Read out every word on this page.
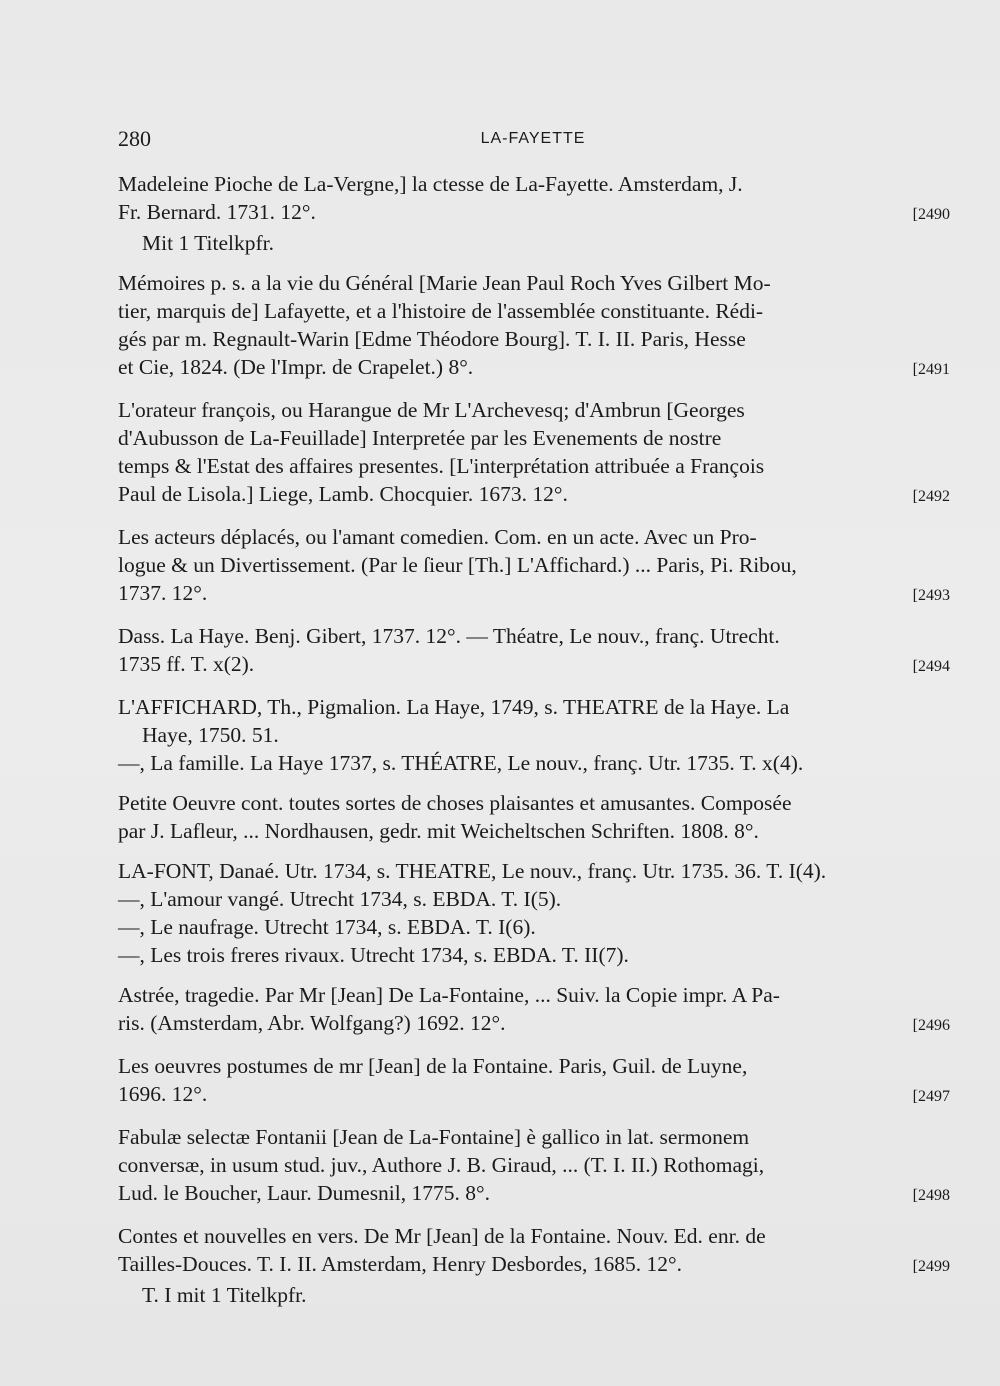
280	LA-FAYETTE
Madeleine Pioche de La-Vergne,] la ctesse de La-Fayette. Amsterdam, J.
Fr. Bernard. 1731. 12°.	[2490
Mit 1 Titelkpfr.
Mémoires p. s. a la vie du Général [Marie Jean Paul Roch Yves Gilbert Mo-
tier, marquis de] Lafayette, et a l'histoire de l'assemblée constituante. Rédi-
gés par m. Regnault-Warin [Edme Théodore Bourg]. T. I. II. Paris, Hesse
et Cie, 1824. (De l'Impr. de Crapelet.) 8°.	[2491
L'orateur françois, ou Harangue de Mr L'Archevesq; d'Ambrun [Georges
d'Aubusson de La-Feuillade] Interpretée par les Evenements de nostre
temps & l'Estat des affaires presentes. [L'interprétation attribuée a François
Paul de Lisola.] Liege, Lamb. Chocquier. 1673. 12°.	[2492
Les acteurs déplacés, ou l'amant comedien. Com. en un acte. Avec un Pro-
logue & un Divertissement. (Par le ſieur [Th.] L'Affichard.) ... Paris, Pi. Ribou,
1737. 12°.	[2493
Dass. La Haye. Benj. Gibert, 1737. 12°. — Théatre, Le nouv., franç. Utrecht.
1735 ff. T. x(2).	[2494
L'AFFICHARD, Th., Pigmalion. La Haye, 1749, s. THEATRE de la Haye. La
Haye, 1750. 51.
—, La famille. La Haye 1737, s. THÉATRE, Le nouv., franç. Utr. 1735. T. x(4).
Petite Oeuvre cont. toutes sortes de choses plaisantes et amusantes. Composée
par J. Lafleur, ... Nordhausen, gedr. mit Weicheltschen Schriften. 1808. 8°.
LA-FONT, Danaé. Utr. 1734, s. THEATRE, Le nouv., franç. Utr. 1735. 36. T. I(4).
—, L'amour vangé. Utrecht 1734, s. EBDA. T. I(5).
—, Le naufrage. Utrecht 1734, s. EBDA. T. I(6).
—, Les trois freres rivaux. Utrecht 1734, s. EBDA. T. II(7).
Astrée, tragedie. Par Mr [Jean] De La-Fontaine, ... Suiv. la Copie impr. A Pa-
ris. (Amsterdam, Abr. Wolfgang?) 1692. 12°.	[2496
Les oeuvres postumes de mr [Jean] de la Fontaine. Paris, Guil. de Luyne,
1696. 12°.	[2497
Fabulæ selectæ Fontanii [Jean de La-Fontaine] è gallico in lat. sermonem
conversæ, in usum stud. juv., Authore J. B. Giraud, ... (T. I. II.) Rothomagi,
Lud. le Boucher, Laur. Dumesnil, 1775. 8°.	[2498
Contes et nouvelles en vers. De Mr [Jean] de la Fontaine. Nouv. Ed. enr. de
Tailles-Douces. T. I. II. Amsterdam, Henry Desbordes, 1685. 12°.	[2499
T. I mit 1 Titelkpfr.
